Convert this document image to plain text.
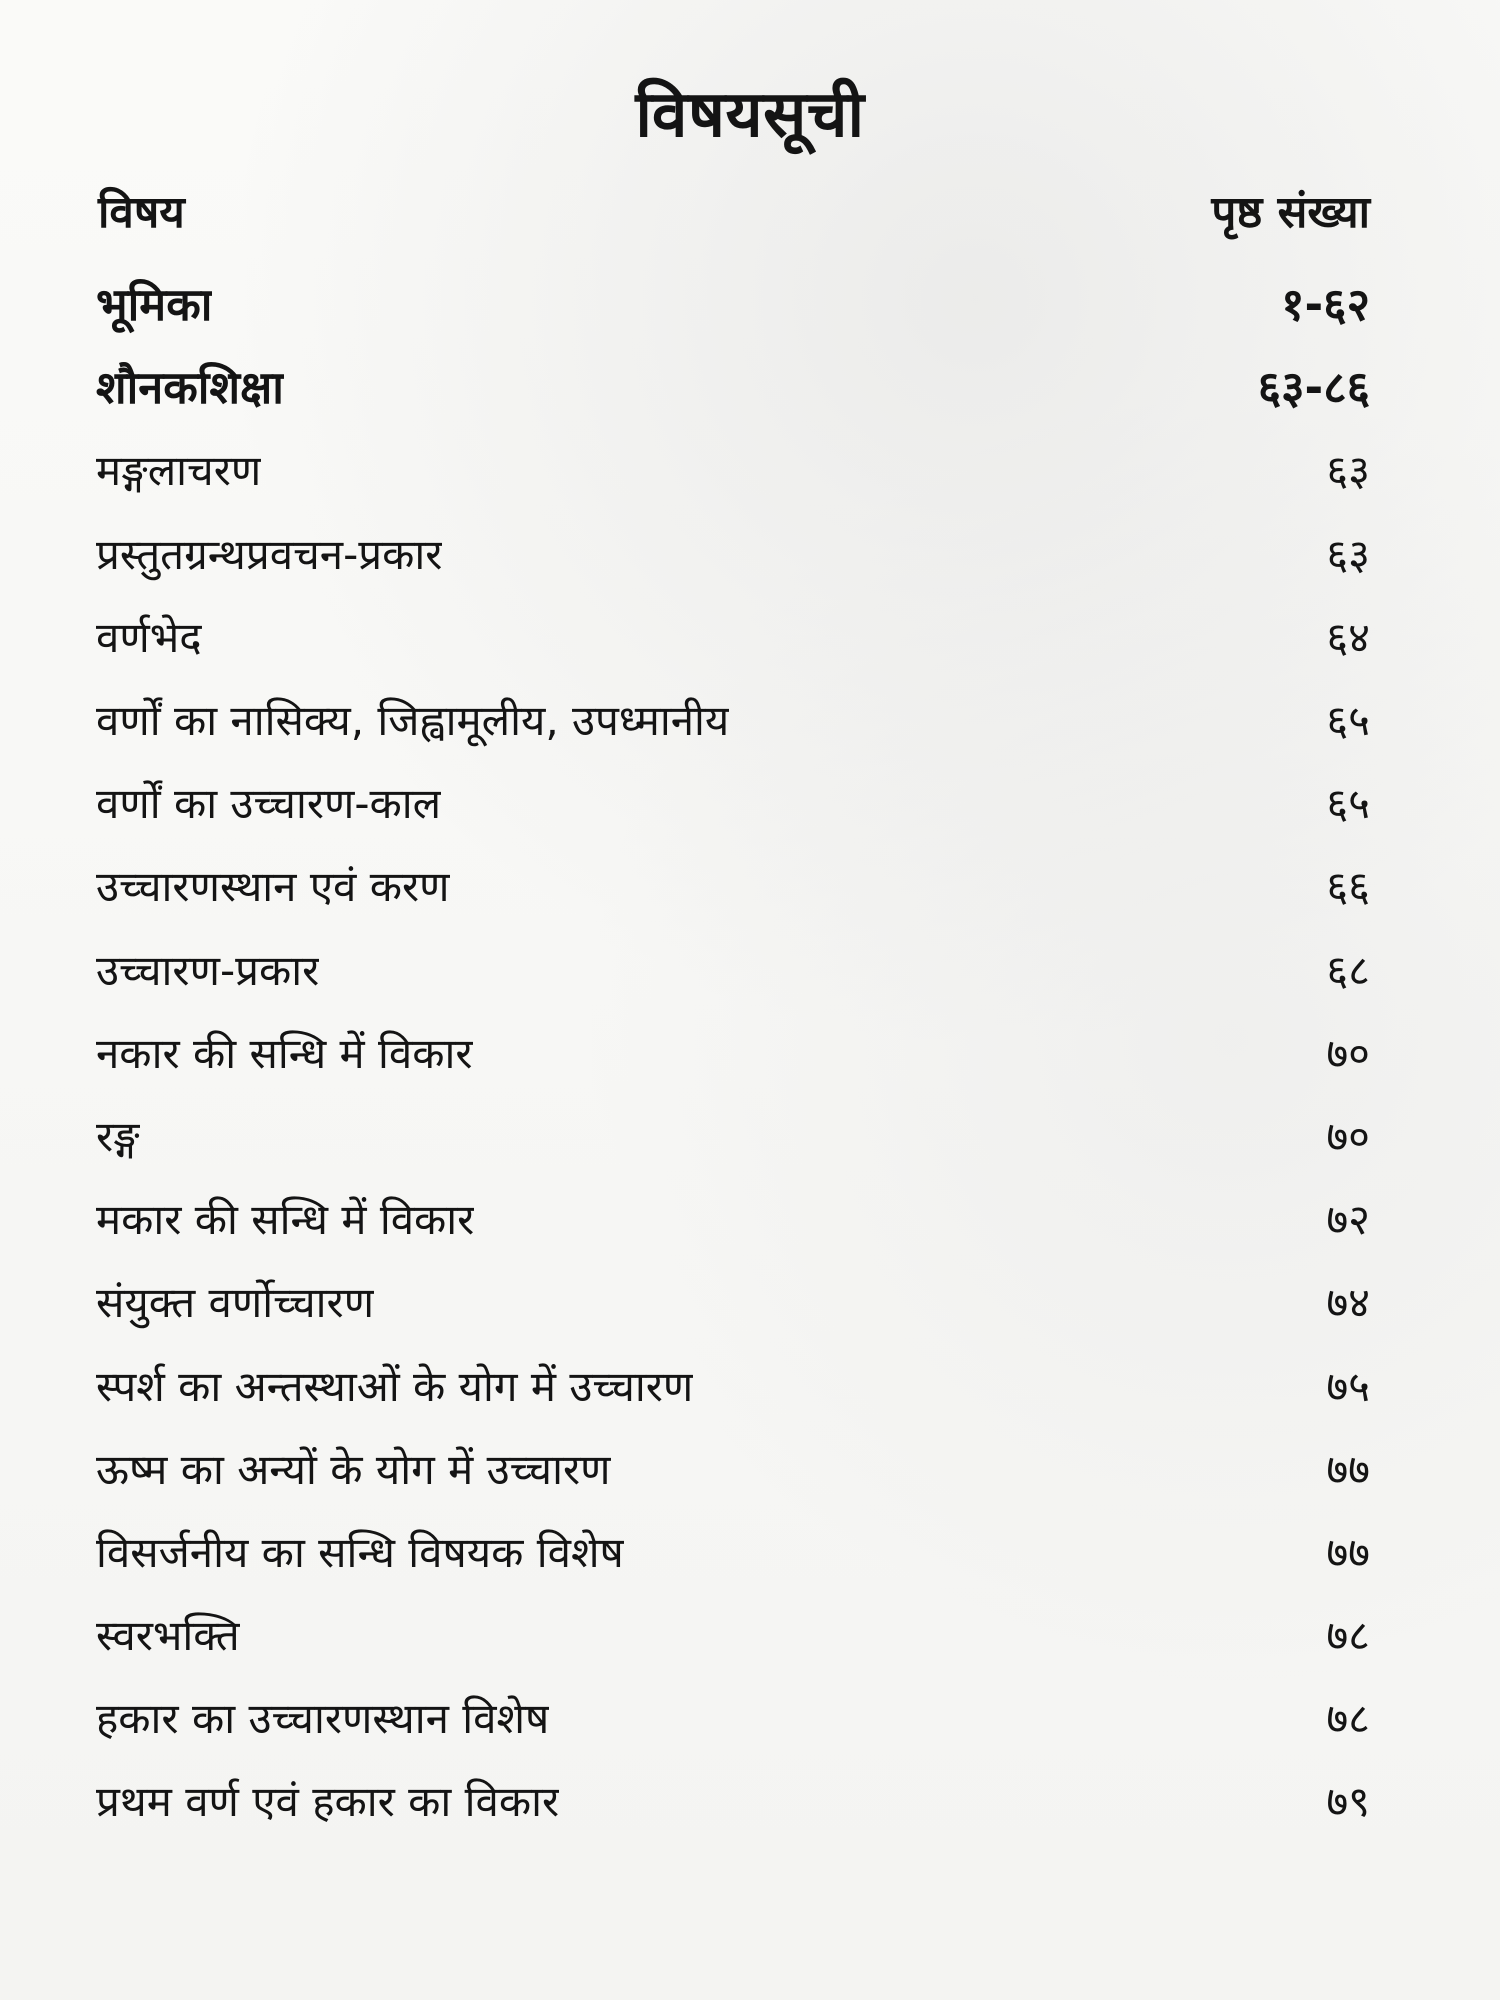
विषयसूची
विषय	पृष्ठ संख्या
भूमिका	१-६२
शौनकशिक्षा	६३-८६
मङ्गलाचरण	६३
प्रस्तुतग्रन्थप्रवचन-प्रकार	६३
वर्णभेद	६४
वर्णों का नासिक्य, जिह्वामूलीय, उपध्मानीय	६५
वर्णों का उच्चारण-काल	६५
उच्चारणस्थान एवं करण	६६
उच्चारण-प्रकार	६८
नकार की सन्धि में विकार	७०
रङ्ग	७०
मकार की सन्धि में विकार	७२
संयुक्त वर्णोच्चारण	७४
स्पर्श का अन्तस्थाओं के योग में उच्चारण	७५
ऊष्म का अन्यों के योग में उच्चारण	७७
विसर्जनीय का सन्धि विषयक विशेष	७७
स्वरभक्ति	७८
हकार का उच्चारणस्थान विशेष	७८
प्रथम वर्ण एवं हकार का विकार	७९
